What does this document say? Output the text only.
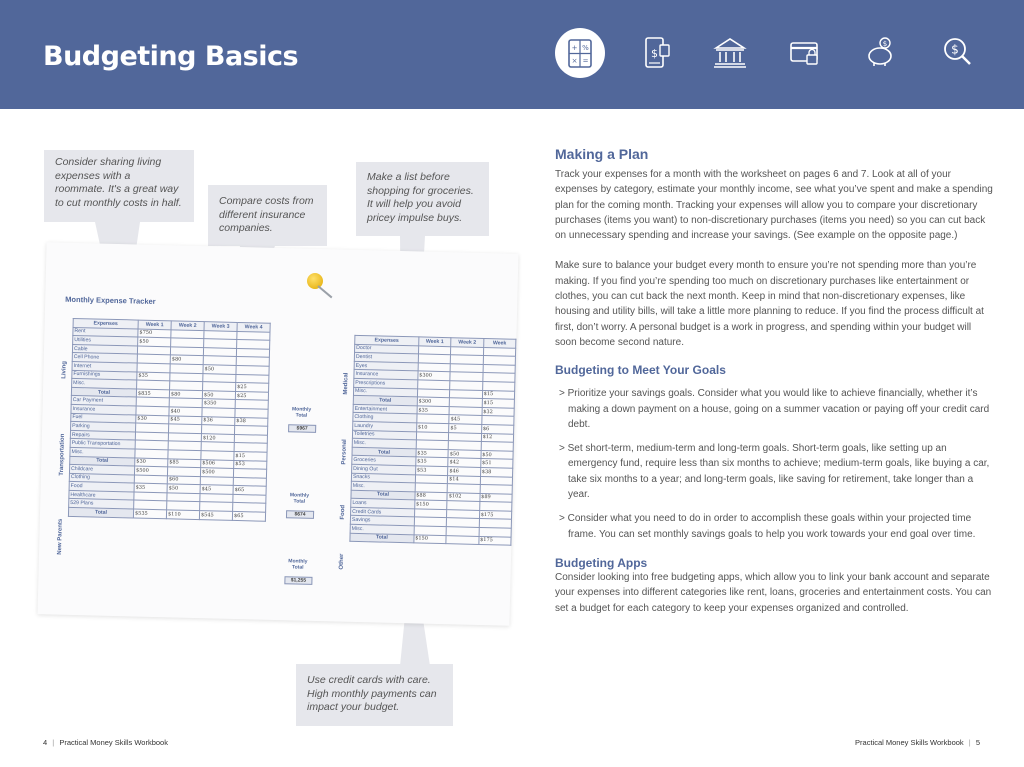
Budgeting Basics	+ %
× =
$
$	$
Consider sharing living expenses with a roommate. It's a great way to cut monthly costs in half.	Compare costs from different insurance companies.
Make a list before shopping for groceries. It will help you avoid pricey impulse buys.
Use credit cards with care. High monthly payments can impact your budget.
Monthly Expense Tracker
Expenses	Week 1	Week 2	Week 3	Week 4
Rent	$750			
Utilities	$50			
Cable				
Cell Phone		$80		
Internet			$50	
Furnishings	$35			
Misc.				$25
Total	$835	$80	$50	$25
Car Payment			$350	
Insurance		$40		
Fuel	$30	$45	$36	$38
Parking				
Repairs			$120	
Public Transportation				
Misc.				$15
Total	$30	$85	$506	$53
Childcare	$500		$500	
Clothing		$60		
Food	$35	$50	$45	$65
Healthcare				
529 Plans				
Total	$535	$110	$545	$65
Living
Transportation
New Parents
Monthly Total
$967
Monthly Total
$674
Monthly Total
$1,255
Expenses	Week 1	Week 2	Week
Doctor			
Dentist			
Eyes			
Insurance	$300		
Prescriptions			
Misc.			$15
Total	$300		$15
Entertainment	$35		$32
Clothing		$45	
Laundry	$10	$5	$6
Toiletries			$12
Misc.			
Total	$35	$50	$50
Groceries	$35	$42	$51
Dining Out	$53	$46	$38
Snacks		$14	
Misc.			
Total	$88	$102	$89
Loans	$150		
Credit Cards			$175
Savings			
Misc.			
Total	$150		$175
Medical
Personal
Food
Other
Making a Plan

Track your expenses for a month with the worksheet on pages 6 and 7. Look at all of your expenses by category, estimate your monthly income, see what you’ve spent and make a spending plan for the coming month. Tracking your expenses will allow you to compare your discretionary purchases (items you want) to non-discretionary purchases (items you need) so you can cut back on unnecessary spending and increase your savings. (See example on the opposite page.)

Make sure to balance your budget every month to ensure you’re not spending more than you’re making. If you find you’re spending too much on discretionary purchases like entertainment or clothes, you can cut back the next month. Keep in mind that non-discretionary expenses, like housing and utility bills, will take a little more planning to reduce. If you find the process difficult at first, don’t worry. A personal budget is a work in progress, and spending within your budget will soon become second nature.

Budgeting to Meet Your Goals

> Prioritize your savings goals. Consider what you would like to achieve financially, whether it’s making a down payment on a house, going on a summer vacation or paying off your credit card debt.

> Set short-term, medium-term and long-term goals. Short-term goals, like setting up an emergency fund, require less than six months to achieve; medium-term goals, like buying a car, take six months to a year; and long-term goals, like saving for retirement, take longer than a year.

> Consider what you need to do in order to accomplish these goals within your projected time frame. You can set monthly savings goals to help you work towards your end goal over time.

Budgeting Apps

Consider looking into free budgeting apps, which allow you to link your bank account and separate your expenses into different categories like rent, loans, groceries and entertainment costs. You can set a budget for each category to keep your expenses organized and controlled.

4 | Practical Money Skills Workbook	Practical Money Skills Workbook | 5
